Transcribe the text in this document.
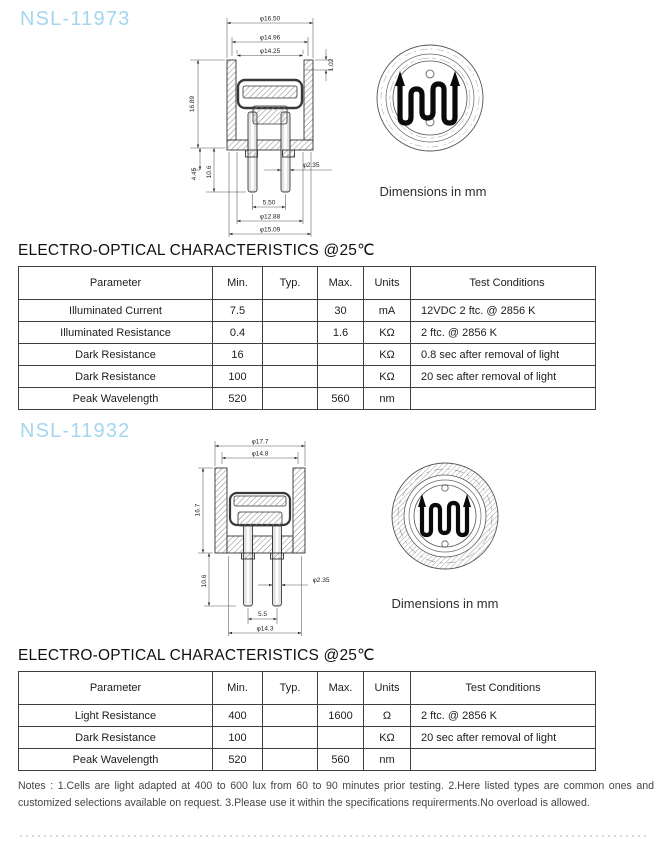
NSL-11973	φ16.50
φ14.96
φ14.25
1.02
16.89
4.45 10.6
φ2.35
5.50
φ12.88
φ15.09
Dimensions in mm
ELECTRO-OPTICAL CHARACTERISTICS @25℃
Parameter	Min.	Typ.	Max.	Units	Test Conditions
Illuminated Current	7.5		30	mA	12VDC 2 ftc. @ 2856 K
Illuminated Resistance	0.4		1.6	KΩ	2 ftc. @ 2856 K
Dark Resistance	16			KΩ	0.8 sec after removal of light
Dark Resistance	100			KΩ	20 sec after removal of light
Peak Wavelength	520		560	nm	
NSL-11932	φ17.7
φ14.8
16.7
10.6	φ2.35
5.5
φ14.3
Dimensions in mm
ELECTRO-OPTICAL CHARACTERISTICS @25℃
Parameter	Min.	Typ.	Max.	Units	Test Conditions
Light Resistance	400		1600	Ω	2 ftc. @ 2856 K
Dark Resistance	100			KΩ	20 sec after removal of light
Peak Wavelength	520		560	nm	
Notes : 1.Cells are light adapted at 400 to 600 lux from 60 to 90 minutes prior testing. 2.Here listed types are common ones and customized selections available on request. 3.Please use it within the specifications requirerments.No overload is allowed.
